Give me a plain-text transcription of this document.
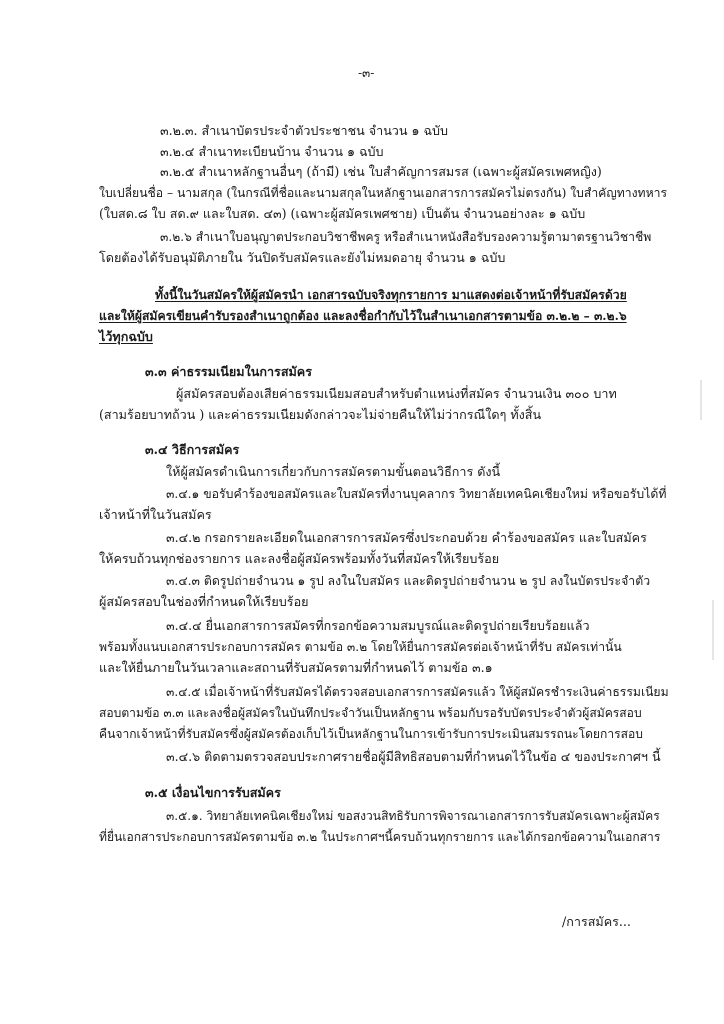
-๓-
๓.๒.๓. สำเนาบัตรประจำตัวประชาชน จำนวน ๑ ฉบับ
๓.๒.๔ สำเนาทะเบียนบ้าน จำนวน ๑ ฉบับ
๓.๒.๕ สำเนาหลักฐานอื่นๆ (ถ้ามี) เช่น ใบสำคัญการสมรส (เฉพาะผู้สมัครเพศหญิง)
ใบเปลี่ยนชื่อ – นามสกุล (ในกรณีที่ชื่อและนามสกุลในหลักฐานเอกสารการสมัครไม่ตรงกัน) ใบสำคัญทางทหาร
(ใบสด.๘ ใบ สด.๙ และใบสด. ๔๓) (เฉพาะผู้สมัครเพศชาย) เป็นต้น จำนวนอย่างละ ๑ ฉบับ
๓.๒.๖ สำเนาใบอนุญาตประกอบวิชาชีพครู หรือสำเนาหนังสือรับรองความรู้ตามาตรฐานวิชาชีพ
โดยต้องได้รับอนุมัติภายใน วันปิดรับสมัครและยังไม่หมดอายุ จำนวน ๑ ฉบับ
ทั้งนี้ในวันสมัครให้ผู้สมัครนำ เอกสารฉบับจริงทุกรายการ มาแสดงต่อเจ้าหน้าที่รับสมัครด้วย
และให้ผู้สมัครเขียนคำรับรองสำเนาถูกต้อง และลงชื่อกำกับไว้ในสำเนาเอกสารตามข้อ ๓.๒.๒ – ๓.๒.๖
ไว้ทุกฉบับ
๓.๓ ค่าธรรมเนียมในการสมัคร
ผู้สมัครสอบต้องเสียค่าธรรมเนียมสอบสำหรับตำแหน่งที่สมัคร จำนวนเงิน ๓๐๐ บาท
(สามร้อยบาทถ้วน ) และค่าธรรมเนียมดังกล่าวจะไม่จ่ายคืนให้ไม่ว่ากรณีใดๆ ทั้งสิ้น
๓.๔ วิธีการสมัคร
ให้ผู้สมัครดำเนินการเกี่ยวกับการสมัครตามขั้นตอนวิธีการ ดังนี้
๓.๔.๑ ขอรับคำร้องขอสมัครและใบสมัครที่งานบุคลากร วิทยาลัยเทคนิคเชียงใหม่ หรือขอรับได้ที่
เจ้าหน้าที่ในวันสมัคร
๓.๔.๒ กรอกรายละเอียดในเอกสารการสมัครซึ่งประกอบด้วย คำร้องขอสมัคร และใบสมัคร
ให้ครบถ้วนทุกช่องรายการ และลงชื่อผู้สมัครพร้อมทั้งวันที่สมัครให้เรียบร้อย
๓.๔.๓ ติดรูปถ่ายจำนวน ๑ รูป ลงในใบสมัคร และติดรูปถ่ายจำนวน ๒ รูป ลงในบัตรประจำตัว
ผู้สมัครสอบในช่องที่กำหนดให้เรียบร้อย
๓.๔.๔ ยื่นเอกสารการสมัครที่กรอกข้อความสมบูรณ์และติดรูปถ่ายเรียบร้อยแล้ว
พร้อมทั้งแนบเอกสารประกอบการสมัคร ตามข้อ ๓.๒ โดยให้ยื่นการสมัครต่อเจ้าหน้าที่รับ สมัครเท่านั้น
และให้ยื่นภายในวันเวลาและสถานที่รับสมัครตามที่กำหนดไว้ ตามข้อ ๓.๑
๓.๔.๕ เมื่อเจ้าหน้าที่รับสมัครได้ตรวจสอบเอกสารการสมัครแล้ว ให้ผู้สมัครชำระเงินค่าธรรมเนียม
สอบตามข้อ ๓.๓ และลงชื่อผู้สมัครในบันทึกประจำวันเป็นหลักฐาน พร้อมกับรอรับบัตรประจำตัวผู้สมัครสอบ
คืนจากเจ้าหน้าที่รับสมัครซึ่งผู้สมัครต้องเก็บไว้เป็นหลักฐานในการเข้ารับการประเมินสมรรถนะโดยการสอบ
๓.๔.๖ ติดตามตรวจสอบประกาศรายชื่อผู้มีสิทธิสอบตามที่กำหนดไว้ในข้อ ๔ ของประกาศฯ นี้
๓.๕ เงื่อนไขการรับสมัคร
๓.๕.๑. วิทยาลัยเทคนิคเชียงใหม่ ขอสงวนสิทธิรับการพิจารณาเอกสารการรับสมัครเฉพาะผู้สมัคร
ที่ยื่นเอกสารประกอบการสมัครตามข้อ ๓.๒ ในประกาศฯนี้ครบถ้วนทุกรายการ และได้กรอกข้อความในเอกสาร
/การสมัคร...
